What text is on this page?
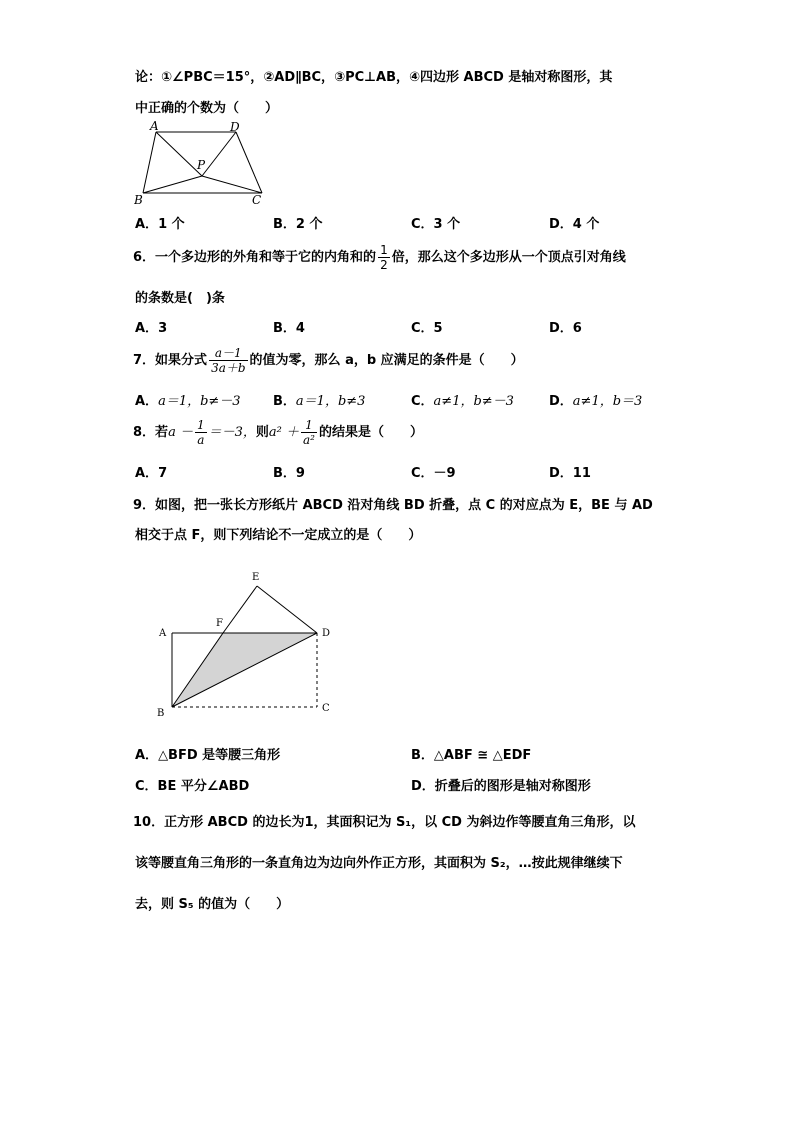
论：①∠PBC＝15°，②AD∥BC，③PC⊥AB，④四边形 ABCD 是轴对称图形，其
中正确的个数为（　　）
A	D
P
B	C
A．1 个	B．2 个	C．3 个	D．4 个
6．一个多边形的外角和等于它的内角和的 $\frac{1}{2}$ 倍，那么这个多边形从一个顶点引对角线
的条数是(　)条
A．3	B．4	C．5	D．6
7．如果分式 $\frac{a-1}{3a+b}$ 的值为零，那么 a，b 应满足的条件是（　　）
A．a＝1，b≠－3 B．a＝1，b≠3	C．a≠1，b≠－3	D．a≠1，b＝3
8．若$a - \frac{1}{a} =-3$，则$a^2 + \frac{1}{\text{a²}}$ 的结果是（　　）
A．7	B．9	C．－9	D．11
9．如图，把一张长方形纸片 ABCD 沿对角线 BD 折叠，点 C 的对应点为 E，BE 与 AD
相交于点 F，则下列结论不一定成立的是（　　）
E
A
F
D
B	C
A．△BFD 是等腰三角形	B．△ABF ≅ △EDF
C．BE 平分∠ABD	D．折叠后的图形是轴对称图形
10．正方形 ABCD 的边长为1，其面积记为 S₁，以 CD 为斜边作等腰直角三角形，以
该等腰直角三角形的一条直角边为边向外作正方形，其面积为 S₂，…按此规律继续下
去，则 S₅ 的值为（　　）
